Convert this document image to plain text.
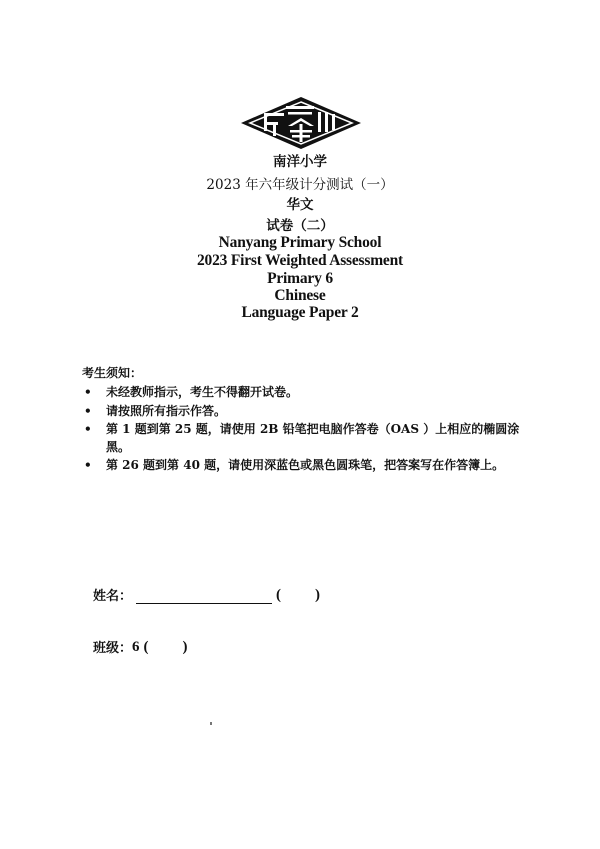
南洋小学
2023 年六年级计分测试（一）
华文
试卷（二）
Nanyang Primary School
2023 First Weighted Assessment
Primary 6
Chinese
Language Paper 2
考生须知：
• 未经教师指示，考生不得翻开试卷。
• 请按照所有指示作答。
• 第 1 题到第 25 题，请使用 2B 铅笔把电脑作答卷（OAS ）上相应的椭圆涂黑。
• 第 26 题到第 40 题，请使用深蓝色或黑色圆珠笔，把答案写在作答簿上。
姓名：	( )
班级： 6 ( )
